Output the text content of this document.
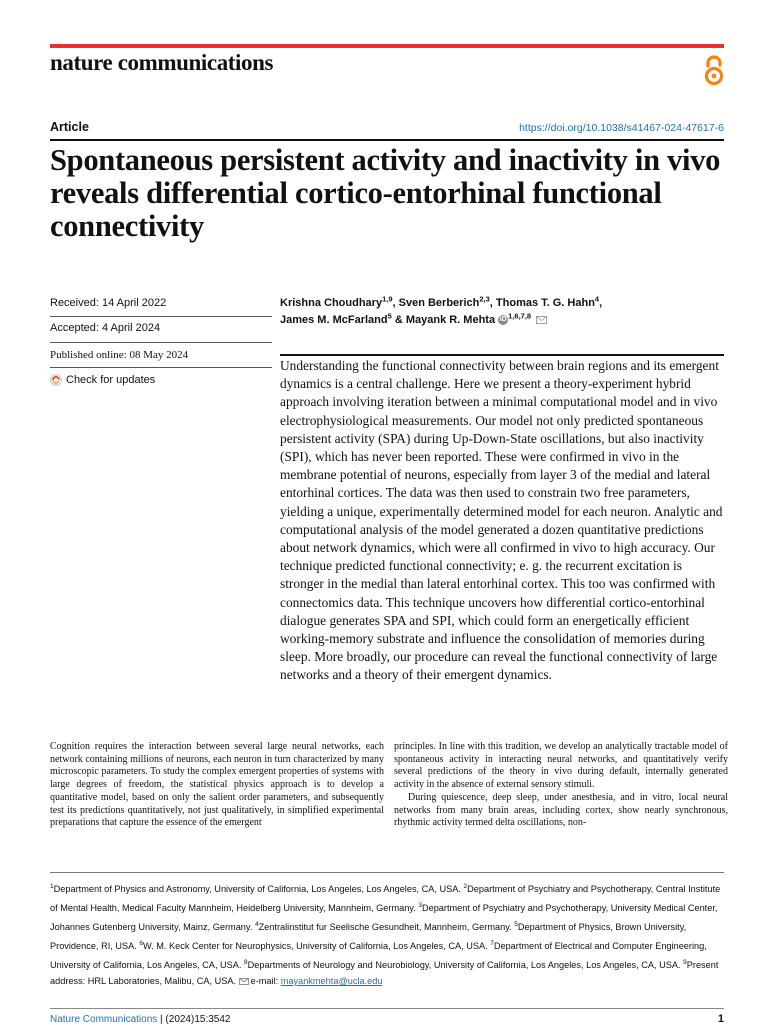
nature communications
Article	https://doi.org/10.1038/s41467-024-47617-6
Spontaneous persistent activity and inactivity in vivo reveals differential cortico-entorhinal functional connectivity
Received: 14 April 2022
Accepted: 4 April 2024
Published online: 08 May 2024
Check for updates
Krishna Choudhary$^{1,9}$, Sven Berberich$^{2,3}$, Thomas T. G. Hahn$^4$,
James M. McFarland$^5$ & Mayank R. Mehta iD $^{1,6,7,8}$

Understanding the functional connectivity between brain regions and its emergent dynamics is a central challenge. Here we present a theory-experiment hybrid approach involving iteration between a minimal computational model and in vivo electrophysiological measurements. Our model not only predicted spontaneous persistent activity (SPA) during Up-Down-State oscillations, but also inactivity (SPI), which has never been reported. These were confirmed in vivo in the membrane potential of neurons, especially from layer 3 of the medial and lateral entorhinal cortices. The data was then used to constrain two free parameters, yielding a unique, experimentally determined model for each neuron. Analytic and computational analysis of the model generated a dozen quantitative predictions about network dynamics, which were all confirmed in vivo to high accuracy. Our technique predicted functional connectivity; e. g. the recurrent excitation is stronger in the medial than lateral entorhinal cortex. This too was confirmed with connectomics data. This technique uncovers how differential cortico-entorhinal dialogue generates SPA and SPI, which could form an energetically efficient working-memory substrate and influence the consolidation of memories during sleep. More broadly, our procedure can reveal the functional connectivity of large networks and a theory of their emergent dynamics.

Cognition requires the interaction between several large neural networks, each network containing millions of neurons, each neuron in turn characterized by many microscopic parameters. To study the complex emergent properties of systems with large degrees of freedom, the statistical physics approach is to develop a quantitative model, based on only the salient order parameters, and subsequently test its predictions quantitatively, not just qualitatively, in simplified experimental preparations that capture the essence of the emergent

principles. In line with this tradition, we develop an analytically tractable model of spontaneous activity in interacting neural networks, and quantitatively verify several predictions of the theory in vivo during default, internally generated activity in the absence of external sensory stimuli.
During quiescence, deep sleep, under anesthesia, and in vitro, local neural networks from many brain areas, including cortex, show nearly synchronous, rhythmic activity termed delta oscillations, non-

$^1$Department of Physics and Astronomy, University of California, Los Angeles, Los Angeles, CA, USA. $^2$Department of Psychiatry and Psychotherapy, Central Institute of Mental Health, Medical Faculty Mannheim, Heidelberg University, Mannheim, Germany. $^3$Department of Psychiatry and Psychotherapy, University Medical Center, Johannes Gutenberg University, Mainz, Germany. $^4$Zentralinstitut fur Seelische Gesundheit, Mannheim, Germany. $^5$Department of Physics, Brown University, Providence, RI, USA. $^6$W. M. Keck Center for Neurophysics, University of California, Los Angeles, CA, USA. $^7$Department of Electrical and Computer Engineering, University of California, Los Angeles, CA, USA. $^8$Departments of Neurology and Neurobiology, University of California, Los Angeles, Los Angeles, CA, USA. $^9$Present address: HRL Laboratories, Malibu, CA, USA. e-mail: mayankmehta@ucla.edu

Nature Communications | (2024)15:3542	1
